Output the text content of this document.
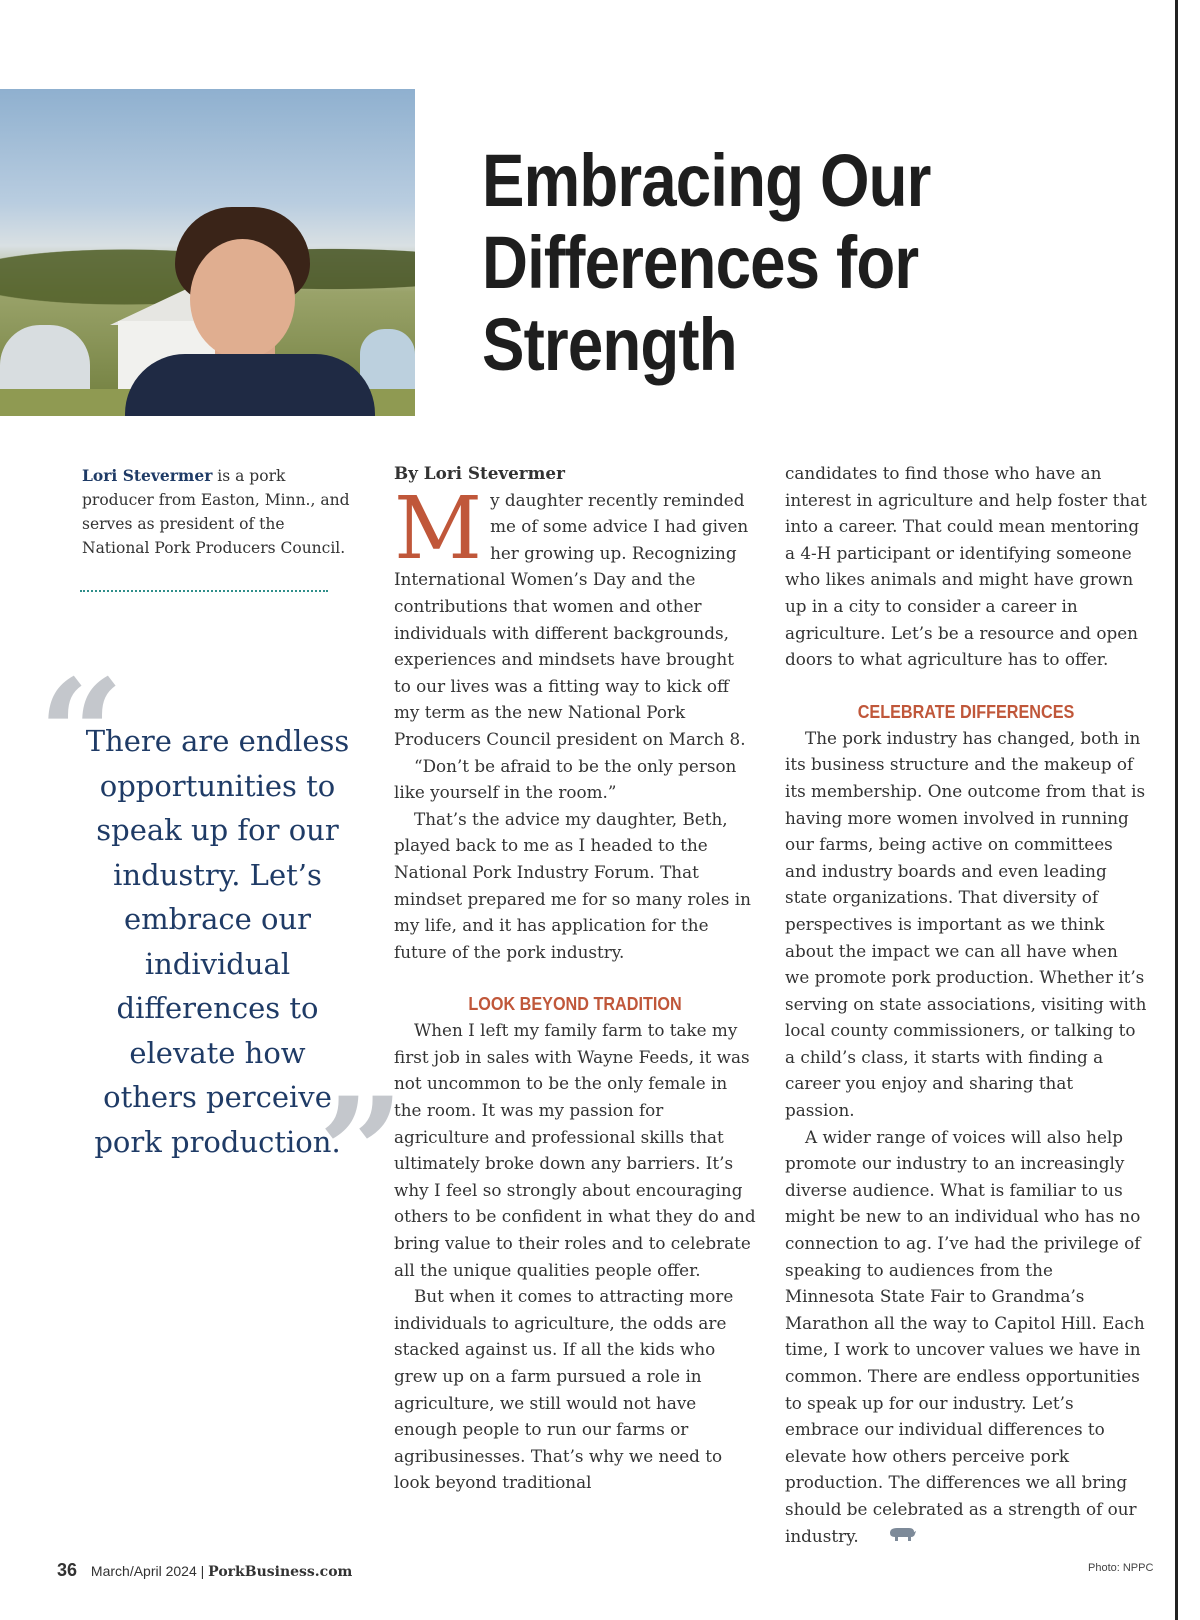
Embracing Our Differences for Strength
Lori Stevermer is a pork producer from Easton, Minn., and serves as president of the National Pork Producers Council.
“

There are endless opportunities to speak up for our industry. Let’s embrace our individual differences to elevate how others perceive pork production.

”

By Lori Stevermer

My daughter recently reminded me of some advice I had given her growing up. Recognizing International Women’s Day and the contributions that women and other individuals with different backgrounds, experiences and mindsets have brought to our lives was a fitting way to kick off my term as the new National Pork Producers Council president on March 8.

“Don’t be afraid to be the only person like yourself in the room.”

That’s the advice my daughter, Beth, played back to me as I headed to the National Pork Industry Forum. That mindset prepared me for so many roles in my life, and it has application for the future of the pork industry.

LOOK BEYOND TRADITION

When I left my family farm to take my first job in sales with Wayne Feeds, it was not uncommon to be the only female in the room. It was my passion for agriculture and professional skills that ultimately broke down any barriers. It’s why I feel so strongly about encouraging others to be confident in what they do and bring value to their roles and to celebrate all the unique qualities people offer.

But when it comes to attracting more individuals to agriculture, the odds are stacked against us. If all the kids who grew up on a farm pursued a role in agriculture, we still would not have enough people to run our farms or agribusinesses. That’s why we need to look beyond traditional

candidates to find those who have an interest in agriculture and help foster that into a career. That could mean mentoring a 4-H participant or identifying someone who likes animals and might have grown up in a city to consider a career in agriculture. Let’s be a resource and open doors to what agriculture has to offer.

CELEBRATE DIFFERENCES

The pork industry has changed, both in its business structure and the makeup of its membership. One outcome from that is having more women involved in running our farms, being active on committees and industry boards and even leading state organizations. That diversity of perspectives is important as we think about the impact we can all have when we promote pork production. Whether it’s serving on state associations, visiting with local county commissioners, or talking to a child’s class, it starts with finding a career you enjoy and sharing that passion.

A wider range of voices will also help promote our industry to an increasingly diverse audience. What is familiar to us might be new to an individual who has no connection to ag. I’ve had the privilege of speaking to audiences from the Minnesota State Fair to Grandma’s Marathon all the way to Capitol Hill. Each time, I work to uncover values we have in common. There are endless opportunities to speak up for our industry. Let’s embrace our individual differences to elevate how others perceive pork production. The differences we all bring should be celebrated as a strength of our industry.

36 March/April 2024 | PorkBusiness.com	Photo: NPPC
